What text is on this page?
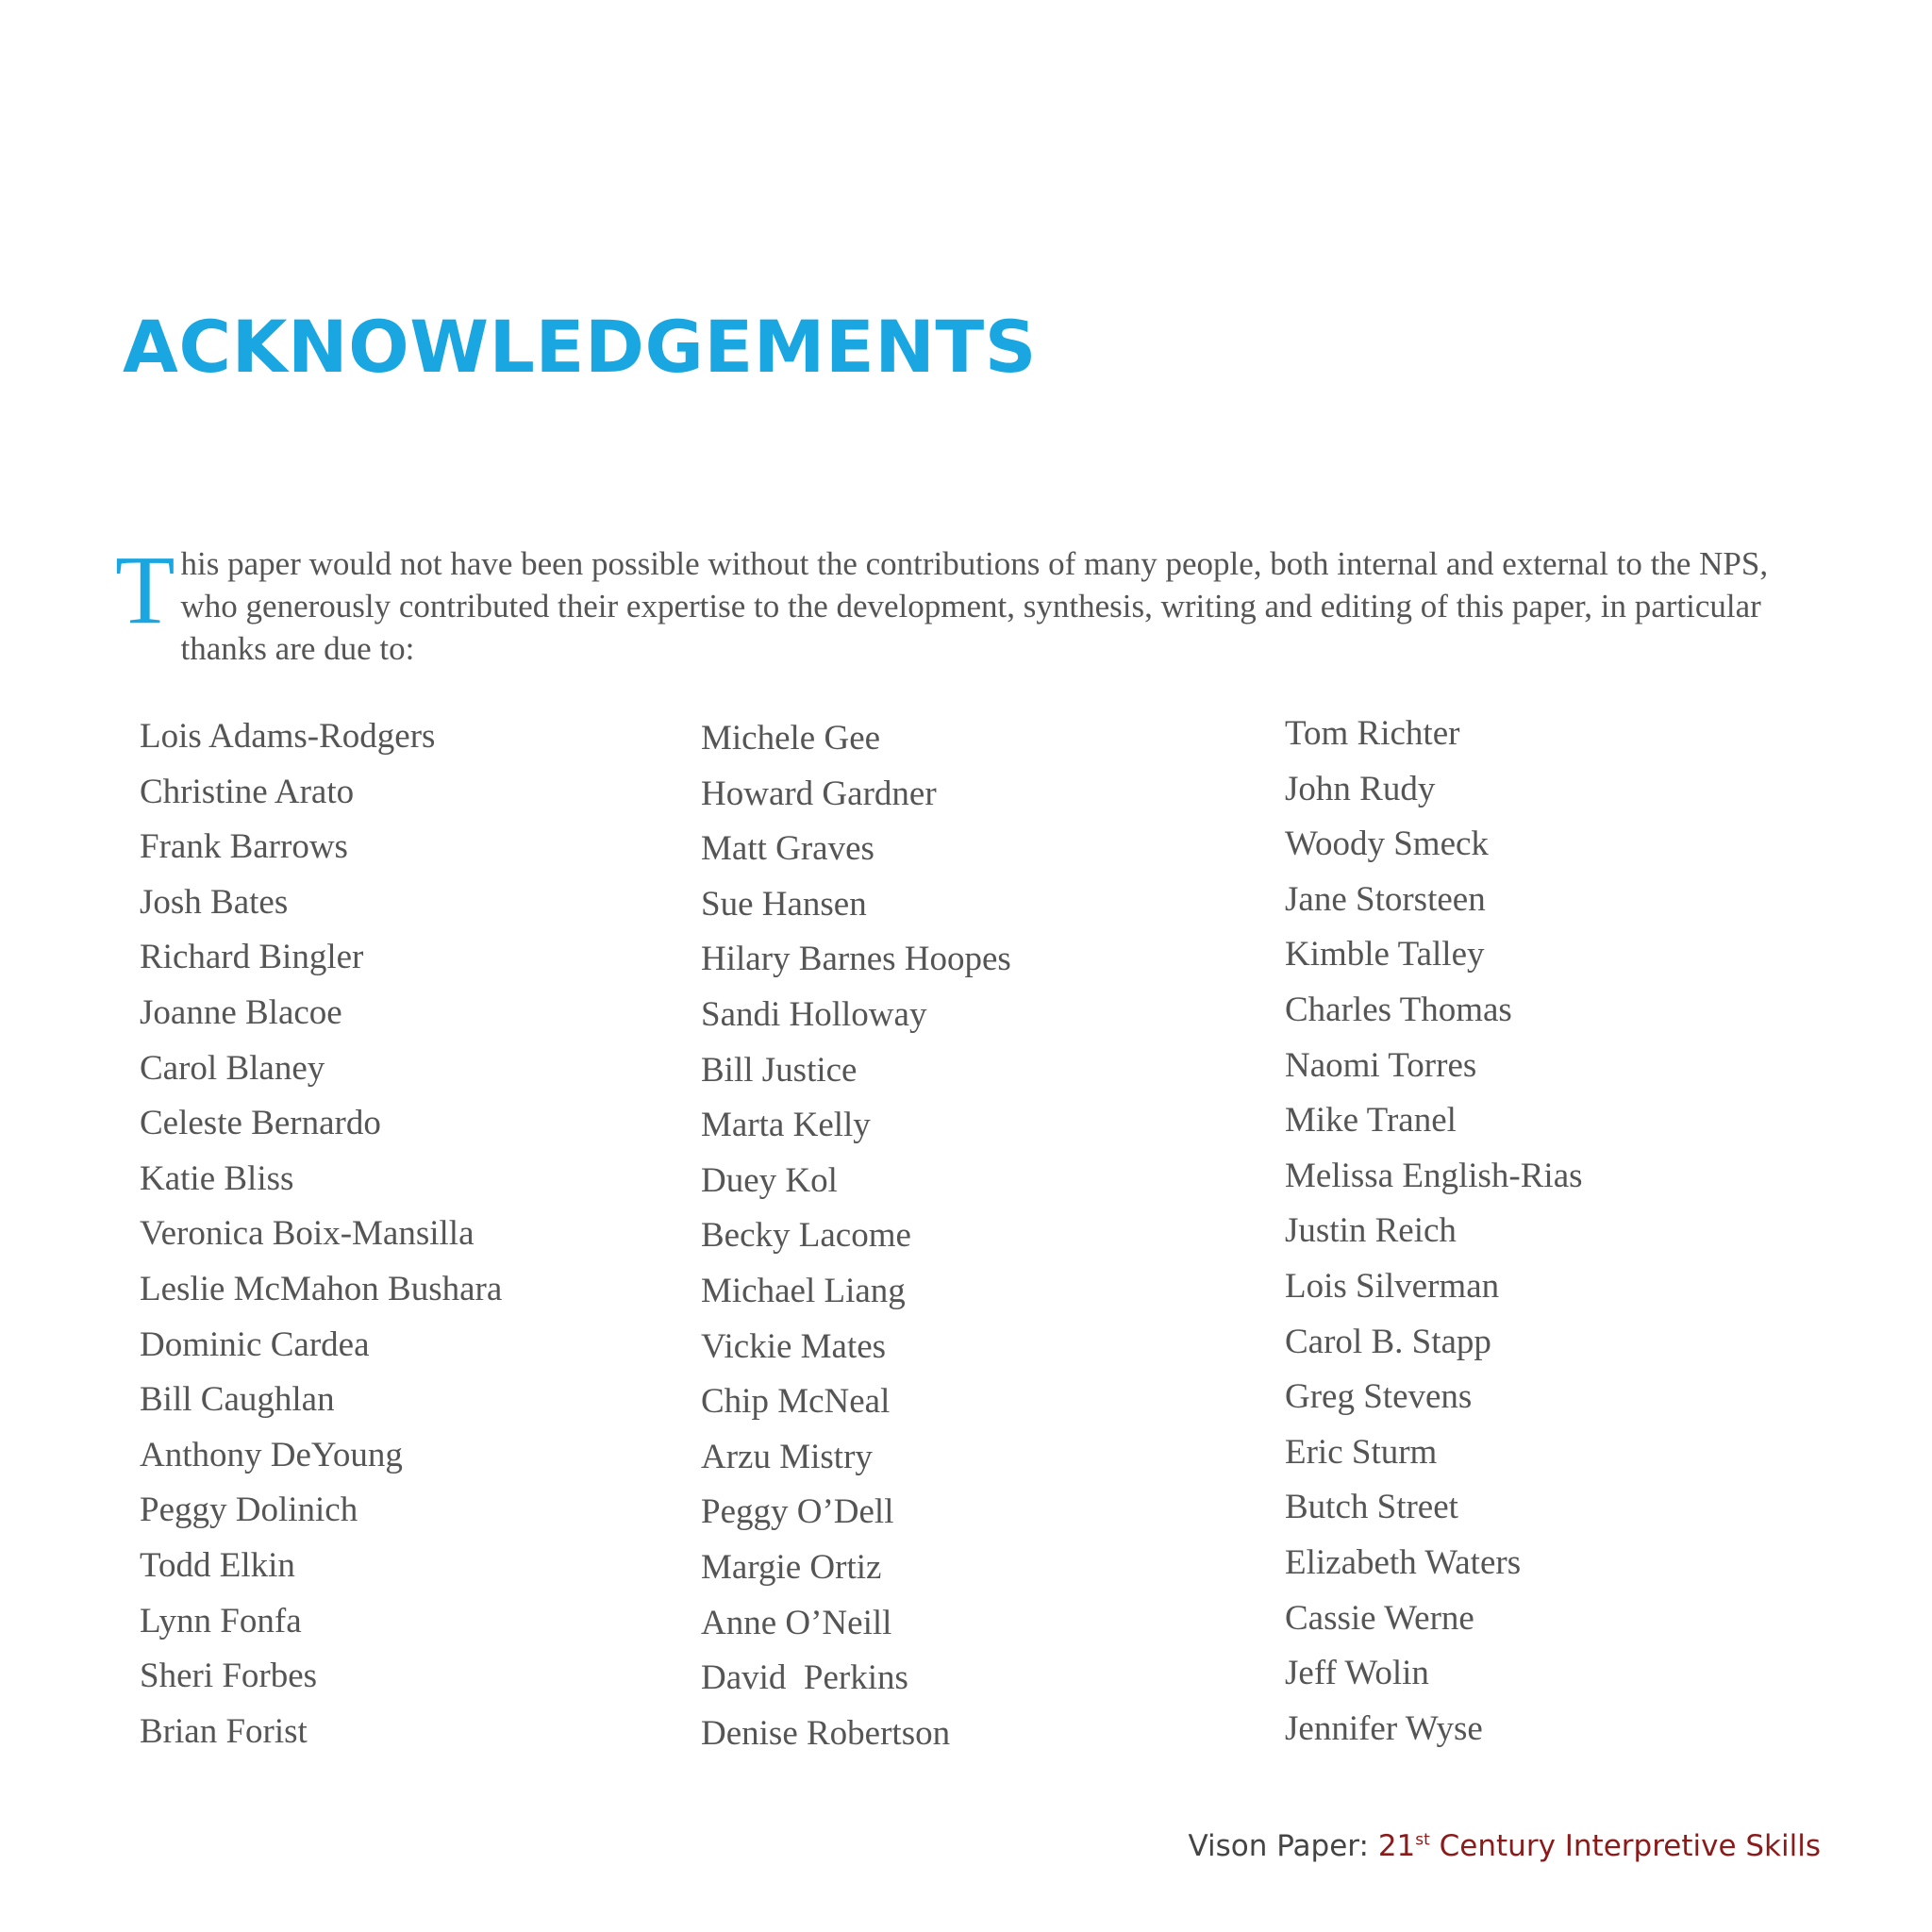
ACKNOWLEDGEMENTS

This paper would not have been possible without the contributions of many people, both internal and external to the NPS, who generously contributed their expertise to the development, synthesis, writing and editing of this paper, in particular thanks are due to:

Lois Adams-Rodgers
Christine Arato
Frank Barrows
Josh Bates
Richard Bingler
Joanne Blacoe
Carol Blaney
Celeste Bernardo
Katie Bliss
Veronica Boix-Mansilla
Leslie McMahon Bushara
Dominic Cardea
Bill Caughlan
Anthony DeYoung
Peggy Dolinich
Todd Elkin
Lynn Fonfa
Sheri Forbes
Brian Forist
Michele Gee
Howard Gardner
Matt Graves
Sue Hansen
Hilary Barnes Hoopes
Sandi Holloway
Bill Justice
Marta Kelly
Duey Kol
Becky Lacome
Michael Liang
Vickie Mates
Chip McNeal
Arzu Mistry
Peggy O’Dell
Margie Ortiz
Anne O’Neill
David  Perkins
Denise Robertson
Tom Richter
John Rudy
Woody Smeck
Jane Storsteen
Kimble Talley
Charles Thomas
Naomi Torres
Mike Tranel
Melissa English-Rias
Justin Reich
Lois Silverman
Carol B. Stapp
Greg Stevens
Eric Sturm
Butch Street
Elizabeth Waters
Cassie Werne
Jeff Wolin
Jennifer Wyse
Vison Paper: 21st Century Interpretive Skills
